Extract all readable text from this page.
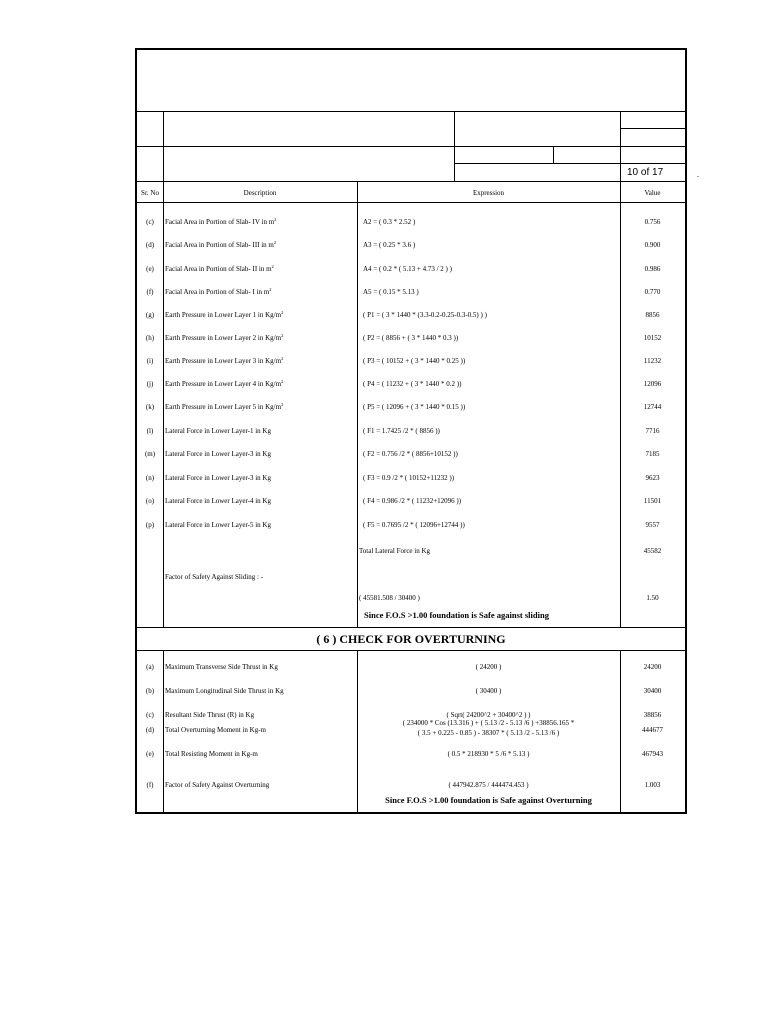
10 of 17
Sr. No	Description	Expression	Value
(c)	Facial Area in Portion of Slab- IV in $m^2$	A2 = ( 0.3 * 2.52 )	0.756
(d)	Facial Area in Portion of Slab- III in $m^2$	A3 = ( 0.25 * 3.6 )	0.900
(e)	Facial Area in Portion of Slab- II in $m^2$	A4 = ( 0.2 * ( 5.13 + 4.73 / 2 ) )	0.986
(f)	Facial Area in Portion of Slab- I in $m^2$	A5 = ( 0.15 * 5.13 )	0.770
(g)	Earth Pressure in Lower Layer 1 in $Kg/m^2$	( P1 = ( 3 * 1440 * (3.3-0.2-0.25-0.3-0.5) ) )	8856
(h)	Earth Pressure in Lower Layer 2 in $Kg/m^2$	( P2 = ( 8856 + ( 3 * 1440 * 0.3 ))	10152
(i)	Earth Pressure in Lower Layer 3 in $Kg/m^2$	( P3 = ( 10152 + ( 3 * 1440 * 0.25 ))	11232
(j)	Earth Pressure in Lower Layer 4 in $Kg/m^2$	( P4 = ( 11232 + ( 3 * 1440 * 0.2 ))	12096
(k)	Earth Pressure in Lower Layer 5 in $Kg/m^2$	( P5 = ( 12096 + ( 3 * 1440 * 0.15 ))	12744
(l)	Lateral Force in Lower Layer-1 in Kg	( F1 = 1.7425 /2 * ( 8856 ))	7716
(m)	Lateral Force in Lower Layer-3 in Kg	( F2 = 0.756 /2 * ( 8856+10152 ))	7185
(n)	Lateral Force in Lower Layer-3 in Kg	( F3 = 0.9 /2 * ( 10152+11232 ))	9623
(o)	Lateral Force in Lower Layer-4 in Kg	( F4 = 0.986 /2 * ( 11232+12096 ))	11501
(p)	Lateral Force in Lower Layer-5 in Kg	( F5 = 0.7695 /2 * ( 12096+12744 ))	9557
Total Lateral Force in Kg	45582
Factor of Safety Against Sliding : -
( 45581.508 / 30400 )	1.50
Since F.O.S >1.00 foundation is Safe against sliding
( 6 ) CHECK FOR OVERTURNING
(a)	Maximum Transverse Side Thrust in Kg	( 24200 )	24200
(b)	Maximum Longitudinal Side Thrust in Kg	( 30400 )	30400
(c)	Resultant Side Thrust (R) in Kg	( Sqrt( 24200^2 + 30400^2 ) )	38856
(d)	Total Overturning Moment in Kg-m
( 234000 * Cos (13.316 ) + ( 5.13 /2 - 5.13 /6 ) +38856.165 *
( 3.5 + 0.225 - 0.85 ) - 38307 * ( 5.13 /2 - 5.13 /6 )	444677
(e)	Total Resisting Moment in Kg-m	( 0.5 * 218930 * 5 /6 * 5.13 )	467943
(f)	Factor of Safety Against Overturning	( 447942.875 / 444474.453 )	1.003
Since F.O.S >1.00 foundation is Safe against Overturning
.
